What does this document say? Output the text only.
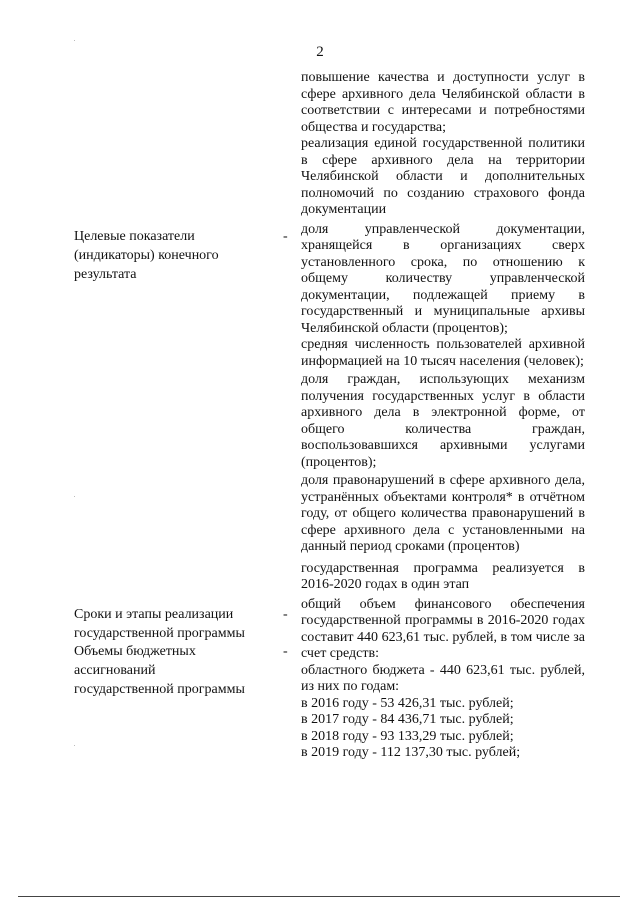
2
Целевые показатели
(индикаторы) конечного
результата
-
Сроки и этапы реализации
государственной программы
-
Объемы бюджетных
ассигнований
государственной программы
-
повышение качества и доступности услуг в сфере архивного дела Челябинской области в соответствии с интересами и потребностями общества и государства;
реализация единой государственной политики в сфере архивного дела на территории Челябинской области и дополнительных полномочий по созданию страхового фонда документации
доля управленческой документации, хранящейся в организациях сверх установленного срока, по отношению к общему количеству управленческой документации, подлежащей приему в государственный и муниципальные архивы Челябинской области (процентов);
средняя численность пользователей архивной информацией на 10 тысяч населения (человек);
доля граждан, использующих механизм получения государственных услуг в области архивного дела в электронной форме, от общего количества граждан, воспользовавшихся архивными услугами (процентов);
доля правонарушений в сфере архивного дела, устранённых объектами контроля* в отчётном году, от общего количества правонарушений в сфере архивного дела с установленными на данный период сроками (процентов)
государственная программа реализуется в 2016-2020 годах в один этап
общий объем финансового обеспечения государственной программы в 2016-2020 годах составит 440 623,61 тыс. рублей, в том числе за счет средств:
областного бюджета - 440 623,61 тыс. рублей, из них по годам:
в 2016 году - 53 426,31 тыс. рублей;
в 2017 году - 84 436,71 тыс. рублей;
в 2018 году - 93 133,29 тыс. рублей;
в 2019 году - 112 137,30 тыс. рублей;
